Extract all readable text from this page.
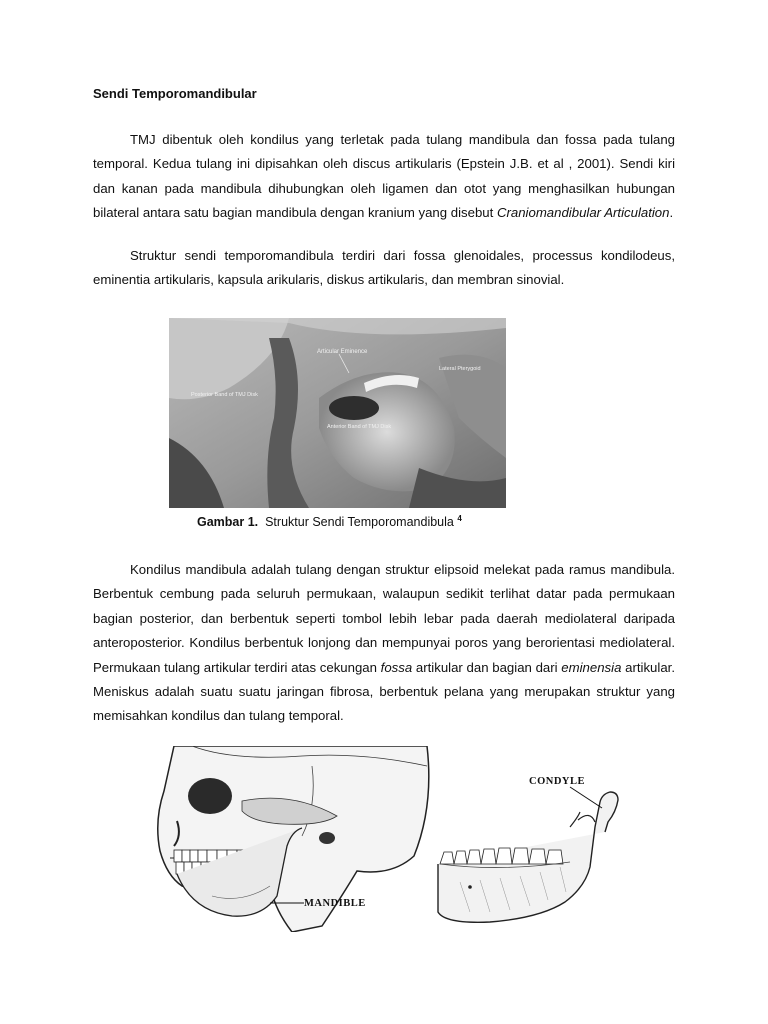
Sendi Temporomandibular

TMJ dibentuk oleh kondilus yang terletak pada tulang mandibula dan fossa pada tulang temporal. Kedua tulang ini dipisahkan oleh discus artikularis (Epstein J.B. et al , 2001). Sendi kiri dan kanan pada mandibula dihubungkan oleh ligamen dan otot yang menghasilkan hubungan bilateral antara satu bagian mandibula dengan kranium yang disebut Craniomandibular Articulation.

Struktur sendi temporomandibula terdiri dari fossa glenoidales, processus kondilodeus, eminentia artikularis, kapsula arikularis, diskus artikularis, dan membran sinovial.

Articular Eminence
Posterior Band of TMJ Disk
Lateral Pterygoid
Anterior Band of TMJ Disk
Gambar 1. Struktur Sendi Temporomandibula $^4$

Kondilus mandibula adalah tulang dengan struktur elipsoid melekat pada ramus mandibula. Berbentuk cembung pada seluruh permukaan, walaupun sedikit terlihat datar pada permukaan bagian posterior, dan berbentuk seperti tombol lebih lebar pada daerah mediolateral daripada anteroposterior. Kondilus berbentuk lonjong dan mempunyai poros yang berorientasi mediolateral. Permukaan tulang artikular terdiri atas cekungan fossa artikular dan bagian dari eminensia artikular. Meniskus adalah suatu suatu jaringan fibrosa, berbentuk pelana yang merupakan struktur yang memisahkan kondilus dan tulang temporal.

MANDIBLE
CONDYLE
